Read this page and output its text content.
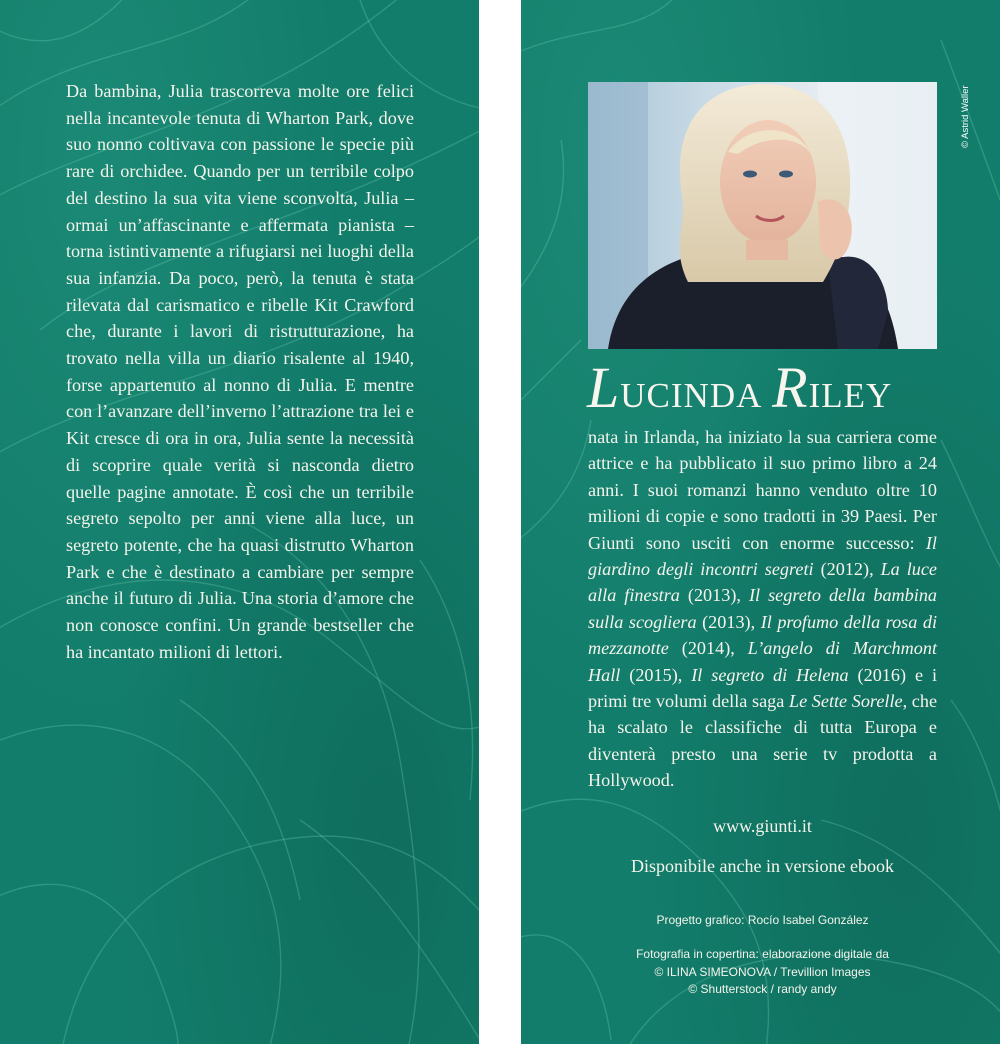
Da bambina, Julia trascorreva molte ore felici nella incantevole tenuta di Wharton Park, dove suo nonno coltivava con passione le specie più rare di orchidee. Quando per un terribile colpo del destino la sua vita viene sconvolta, Julia – ormai un’affascinante e affermata pianista – torna istintivamente a rifugiarsi nei luoghi della sua infanzia. Da poco, però, la tenuta è stata rilevata dal carismatico e ribelle Kit Crawford che, durante i lavori di ristrutturazione, ha trovato nella villa un diario risalente al 1940, forse appartenuto al nonno di Julia. E mentre con l’avanzare dell’inverno l’attrazione tra lei e Kit cresce di ora in ora, Julia sente la necessità di scoprire quale verità si nasconda dietro quelle pagine annotate. È così che un terribile segreto sepolto per anni viene alla luce, un segreto potente, che ha quasi distrutto Wharton Park e che è destinato a cambiare per sempre anche il futuro di Julia. Una storia d’amore che non conosce confini. Un grande bestseller che ha incantato milioni di lettori.

© Astrid Waller
LUCINDA RILEY
nata in Irlanda, ha iniziato la sua carriera come attrice e ha pubblicato il suo primo libro a 24 anni. I suoi romanzi hanno venduto oltre 10 milioni di copie e sono tradotti in 39 Paesi. Per Giunti sono usciti con enorme successo: Il giardino degli incontri segreti (2012), La luce alla finestra (2013), Il segreto della bambina sulla scogliera (2013), Il profumo della rosa di mezzanotte (2014), L’angelo di Marchmont Hall (2015), Il segreto di Helena (2016) e i primi tre volumi della saga Le Sette Sorelle, che ha scalato le classifiche di tutta Europa e diventerà presto una serie tv prodotta a Hollywood.
www.giunti.it
Disponibile anche in versione ebook
Progetto grafico: Rocío Isabel González
Fotografia in copertina: elaborazione digitale da
© ILINA SIMEONOVA / Trevillion Images
© Shutterstock / randy andy
